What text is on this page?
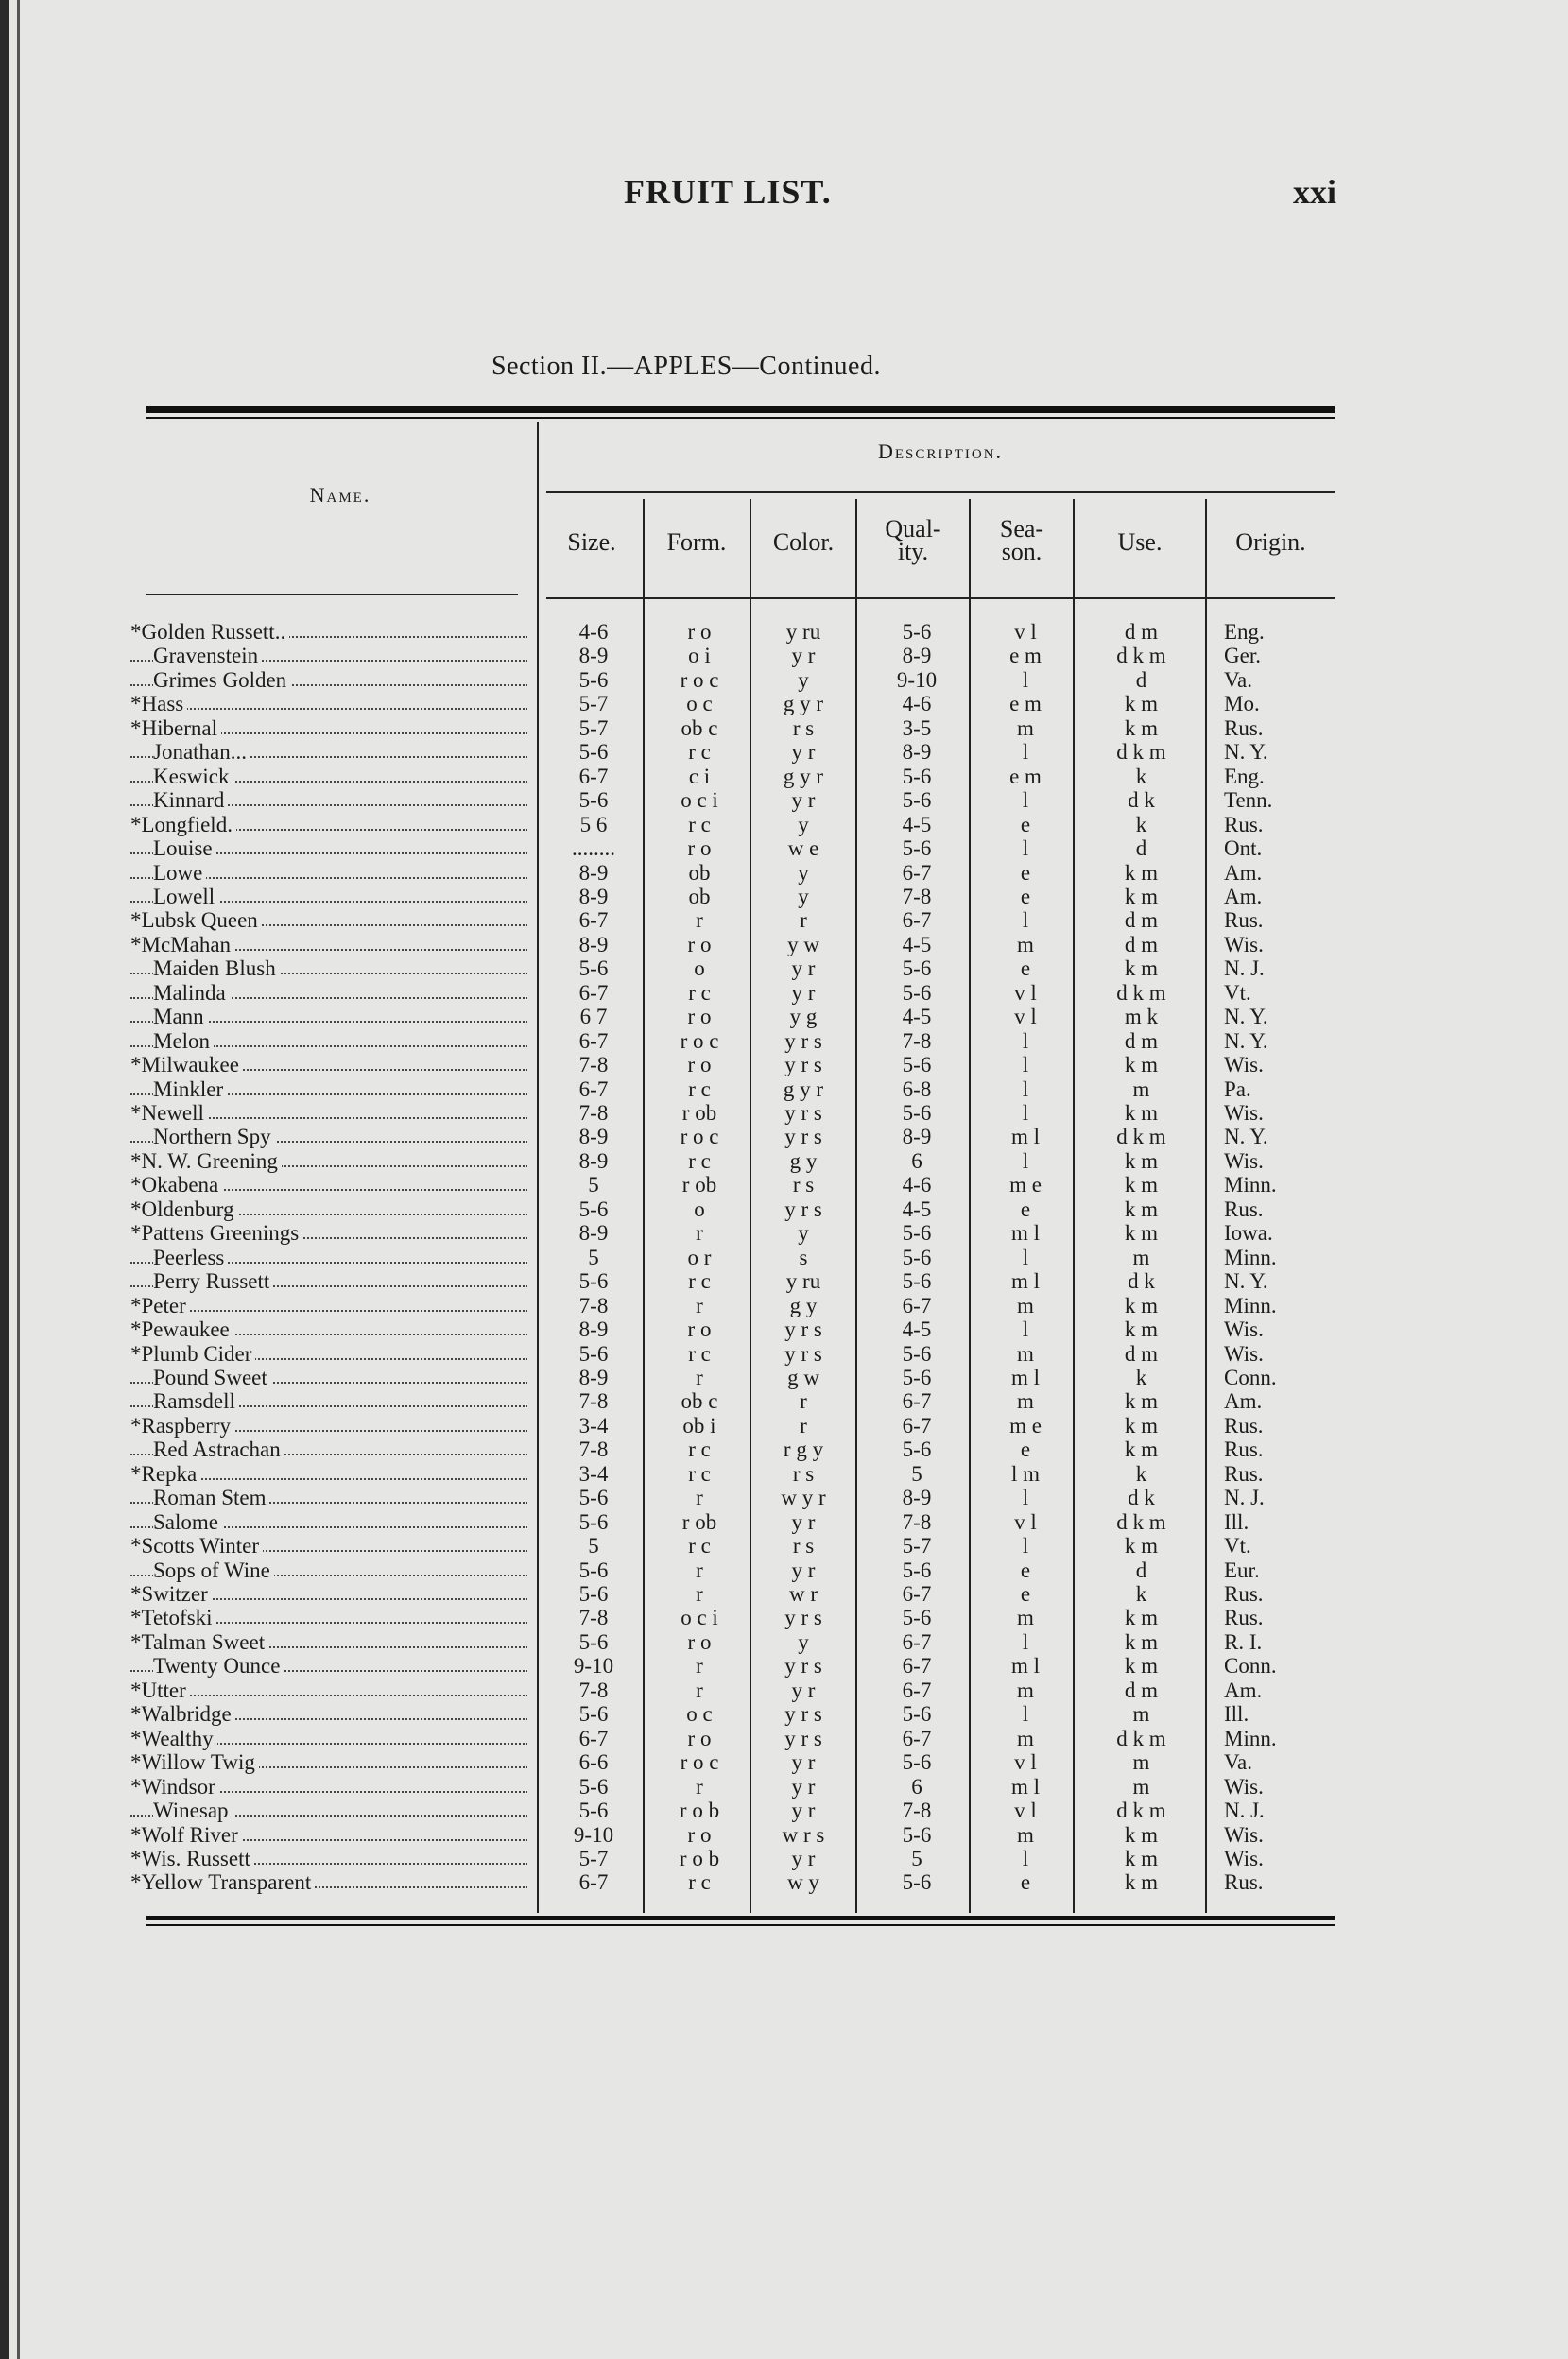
FRUIT LIST.	xxi
Section II.—APPLES—Continued.
Name.
Description.
Size.	Form.	Color.	Qual-
ity.
Sea-
son.	Use.	Origin.
*Golden Russett..	4-6	r o	y ru	5-6	v l	d m	Eng.
Gravenstein	8-9	o i	y r	8-9	e m	d k m	Ger.
Grimes Golden	5-6	r o c	y	9-10	l	d	Va.
*Hass	5-7	o c	g y r	4-6	e m	k m	Mo.
*Hibernal	5-7	ob c	r s	3-5	m	k m	Rus.
Jonathan...	5-6	r c	y r	8-9	l	d k m	N. Y.
Keswick	6-7	c i	g y r	5-6	e m	k	Eng.
Kinnard	5-6	o c i	y r	5-6	l	d k	Tenn.
*Longfield.	5 6	r c	y	4-5	e	k	Rus.
Louise	........	r o	w e	5-6	l	d	Ont.
Lowe	8-9	ob	y	6-7	e	k m	Am.
Lowell	8-9	ob	y	7-8	e	k m	Am.
*Lubsk Queen	6-7	r	r	6-7	l	d m	Rus.
*McMahan	8-9	r o	y w	4-5	m	d m	Wis.
Maiden Blush	5-6	o	y r	5-6	e	k m	N. J.
Malinda	6-7	r c	y r	5-6	v l	d k m	Vt.
Mann	6 7	r o	y g	4-5	v l	m k	N. Y.
Melon	6-7	r o c	y r s	7-8	l	d m	N. Y.
*Milwaukee	7-8	r o	y r s	5-6	l	k m	Wis.
Minkler	6-7	r c	g y r	6-8	l	m	Pa.
*Newell	7-8	r ob	y r s	5-6	l	k m	Wis.
Northern Spy	8-9	r o c	y r s	8-9	m l	d k m	N. Y.
*N. W. Greening	8-9	r c	g y	6	l	k m	Wis.
*Okabena	5	r ob	r s	4-6	m e	k m	Minn.
*Oldenburg	5-6	o	y r s	4-5	e	k m	Rus.
*Pattens Greenings	8-9	r	y	5-6	m l	k m	Iowa.
Peerless	5	o r	s	5-6	l	m	Minn.
Perry Russett	5-6	r c	y ru	5-6	m l	d k	N. Y.
*Peter	7-8	r	g y	6-7	m	k m	Minn.
*Pewaukee	8-9	r o	y r s	4-5	l	k m	Wis.
*Plumb Cider	5-6	r c	y r s	5-6	m	d m	Wis.
Pound Sweet	8-9	r	g w	5-6	m l	k	Conn.
Ramsdell	7-8	ob c	r	6-7	m	k m	Am.
*Raspberry	3-4	ob i	r	6-7	m e	k m	Rus.
Red Astrachan	7-8	r c	r g y	5-6	e	k m	Rus.
*Repka	3-4	r c	r s	5	l m	k	Rus.
Roman Stem	5-6	r	w y r	8-9	l	d k	N. J.
Salome	5-6	r ob	y r	7-8	v l	d k m	Ill.
*Scotts Winter	5	r c	r s	5-7	l	k m	Vt.
Sops of Wine	5-6	r	y r	5-6	e	d	Eur.
*Switzer	5-6	r	w r	6-7	e	k	Rus.
*Tetofski	7-8	o c i	y r s	5-6	m	k m	Rus.
*Talman Sweet	5-6	r o	y	6-7	l	k m	R. I.
Twenty Ounce	9-10	r	y r s	6-7	m l	k m	Conn.
*Utter	7-8	r	y r	6-7	m	d m	Am.
*Walbridge	5-6	o c	y r s	5-6	l	m	Ill.
*Wealthy	6-7	r o	y r s	6-7	m	d k m	Minn.
*Willow Twig	6-6	r o c	y r	5-6	v l	m	Va.
*Windsor	5-6	r	y r	6	m l	m	Wis.
Winesap	5-6	r o b	y r	7-8	v l	d k m	N. J.
*Wolf River	9-10	r o	w r s	5-6	m	k m	Wis.
*Wis. Russett	5-7	r o b	y r	5	l	k m	Wis.
*Yellow Transparent	6-7	r c	w y	5-6	e	k m	Rus.
